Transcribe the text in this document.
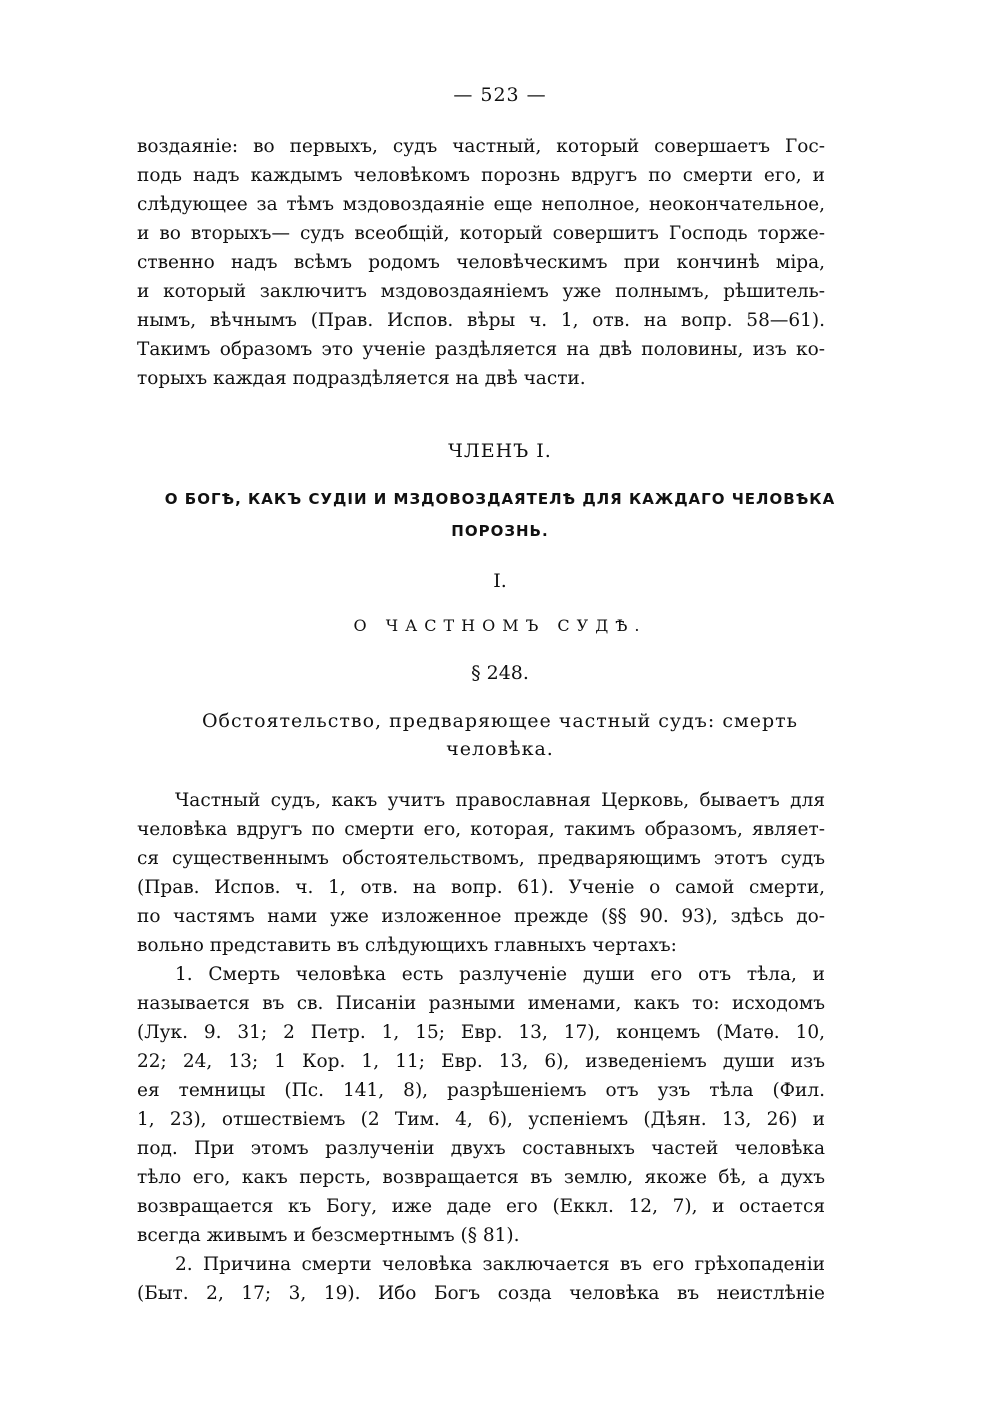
— 523 —
воздаяніе: во первыхъ, судъ частный, который совершаетъ Гос-
подь надъ каждымъ человѣкомъ порознь вдругъ по смерти его, и
слѣдующее за тѣмъ мздовоздаяніе еще неполное, неокончательное,
и во вторыхъ— судъ всеобщій, который совершитъ Господь торже-
ственно надъ всѣмъ родомъ человѣческимъ при кончинѣ міра,
и который заключитъ мздовоздаяніемъ уже полнымъ, рѣшитель-
нымъ, вѣчнымъ (Прав. Испов. вѣры ч. 1, отв. на вопр. 58—61).
Такимъ образомъ это ученіе раздѣляется на двѣ половины, изъ ко-
торыхъ каждая подраздѣляется на двѣ части.
ЧЛЕНЪ I.
О БОГѢ, КАКЪ СУДІИ И МЗДОВОЗДАЯТЕЛѢ ДЛЯ КАЖДАГО ЧЕЛОВѢКА
ПОРОЗНЬ.
I.
О ЧАСТНОМЪ СУДѢ.
§ 248.
Обстоятельство, предваряющее частный судъ: смерть
человѣка.
Частный судъ, какъ учитъ православная Церковь, бываетъ для
человѣка вдругъ по смерти его, которая, такимъ образомъ, являет-
ся существеннымъ обстоятельствомъ, предваряющимъ этотъ судъ
(Прав. Испов. ч. 1, отв. на вопр. 61). Ученіе о самой смерти,
по частямъ нами уже изложенное прежде (§§ 90. 93), здѣсь до-
вольно представить въ слѣдующихъ главныхъ чертахъ:
1. Смерть человѣка есть разлученіе души его отъ тѣла, и
называется въ св. Писаніи разными именами, какъ то: исходомъ
(Лук. 9. 31; 2 Петр. 1, 15; Евр. 13, 17), концемъ (Матѳ. 10,
22; 24, 13; 1 Кор. 1, 11; Евр. 13, 6), изведеніемъ души изъ
ея темницы (Пс. 141, 8), разрѣшеніемъ отъ узъ тѣла (Фил.
1, 23), отшествіемъ (2 Тим. 4, 6), успеніемъ (Дѣян. 13, 26) и
под. При этомъ разлученіи двухъ составныхъ частей человѣка
тѣло его, какъ персть, возвращается въ землю, якоже бѣ, а духъ
возвращается къ Богу, иже даде его (Еккл. 12, 7), и остается
всегда живымъ и безсмертнымъ (§ 81).
2. Причина смерти человѣка заключается въ его грѣхопаденіи
(Быт. 2, 17; 3, 19). Ибо Богъ созда человѣка въ неистлѣніе
